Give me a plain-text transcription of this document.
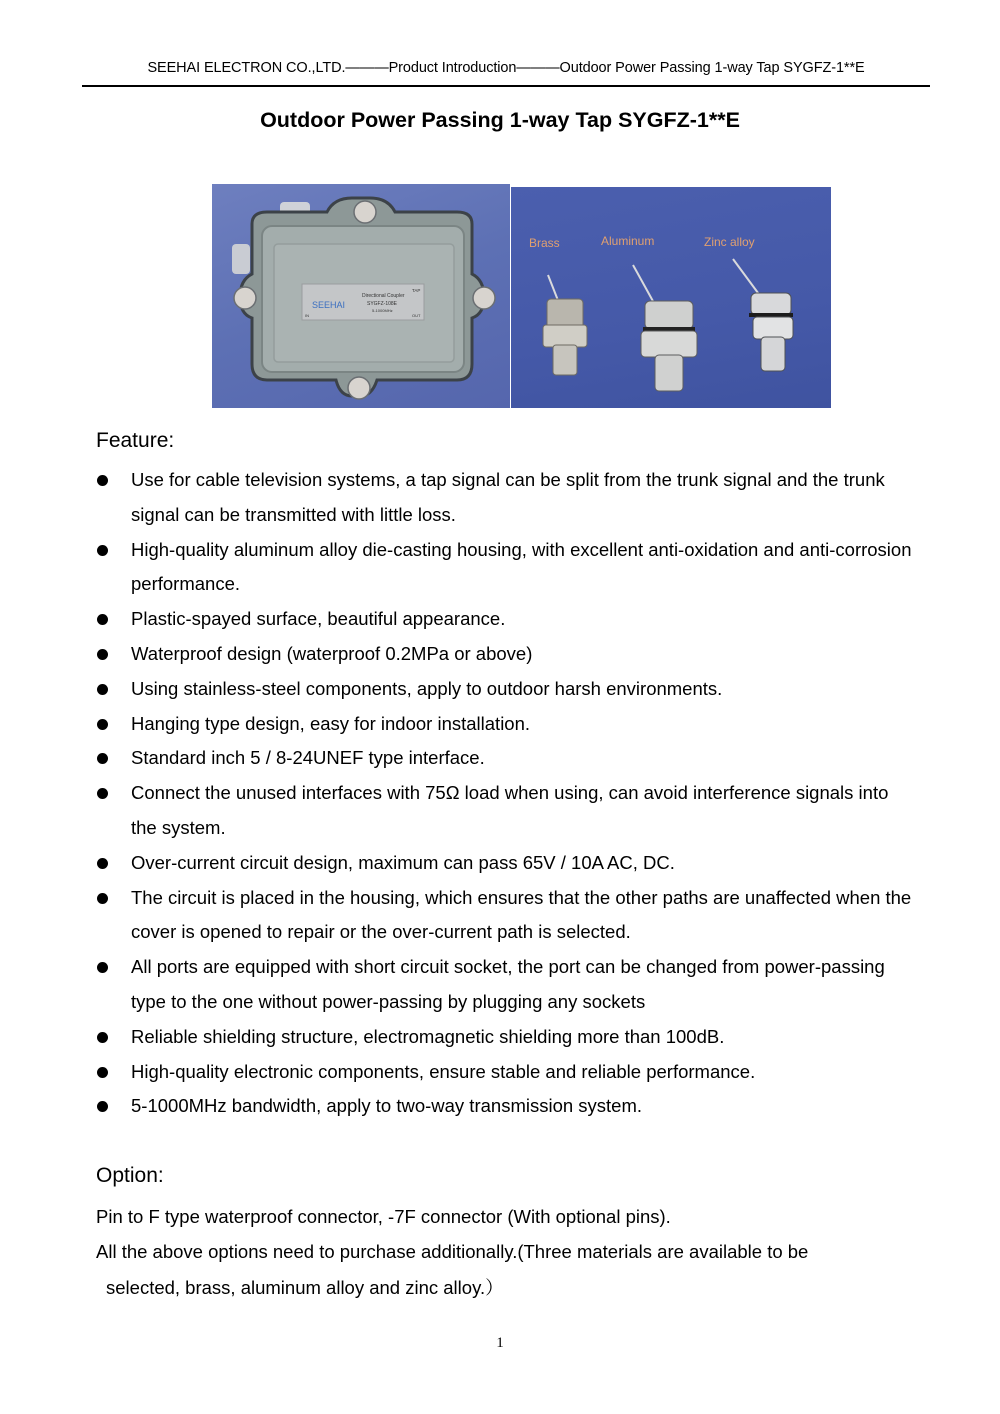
SEEHAI ELECTRON CO.,LTD.———Product Introduction———Outdoor Power Passing 1-way Tap SYGFZ-1**E
Outdoor Power Passing 1-way Tap SYGFZ-1**E
SEEHAI
Directional Coupler
SYGFZ-108E
5-1000MHz
TAP
IN	OUT
Brass	Aluminum	Zinc alloy
Feature:
Use for cable television systems, a tap signal can be split from the trunk signal and the trunk signal can be transmitted with little loss.
High-quality aluminum alloy die-casting housing, with excellent anti-oxidation and anti-corrosion performance.
Plastic-spayed surface, beautiful appearance.
Waterproof design (waterproof 0.2MPa or above)
Using stainless-steel components, apply to outdoor harsh environments.
Hanging type design, easy for indoor installation.
Standard inch 5 / 8-24UNEF type interface.
Connect the unused interfaces with 75Ω load when using, can avoid interference signals into the system.
Over-current circuit design, maximum can pass 65V / 10A AC, DC.
The circuit is placed in the housing, which ensures that the other paths are unaffected when the cover is opened to repair or the over-current path is selected.
All ports are equipped with short circuit socket, the port can be changed from power-passing type to the one without power-passing by plugging any sockets
Reliable shielding structure, electromagnetic shielding more than 100dB.
High-quality electronic components, ensure stable and reliable performance.
5-1000MHz bandwidth, apply to two-way transmission system.
Option:
Pin to F type waterproof connector, -7F connector (With optional pins).
All the above options need to purchase additionally.(Three materials are available to be
selected, brass, aluminum alloy and zinc alloy.）
1
